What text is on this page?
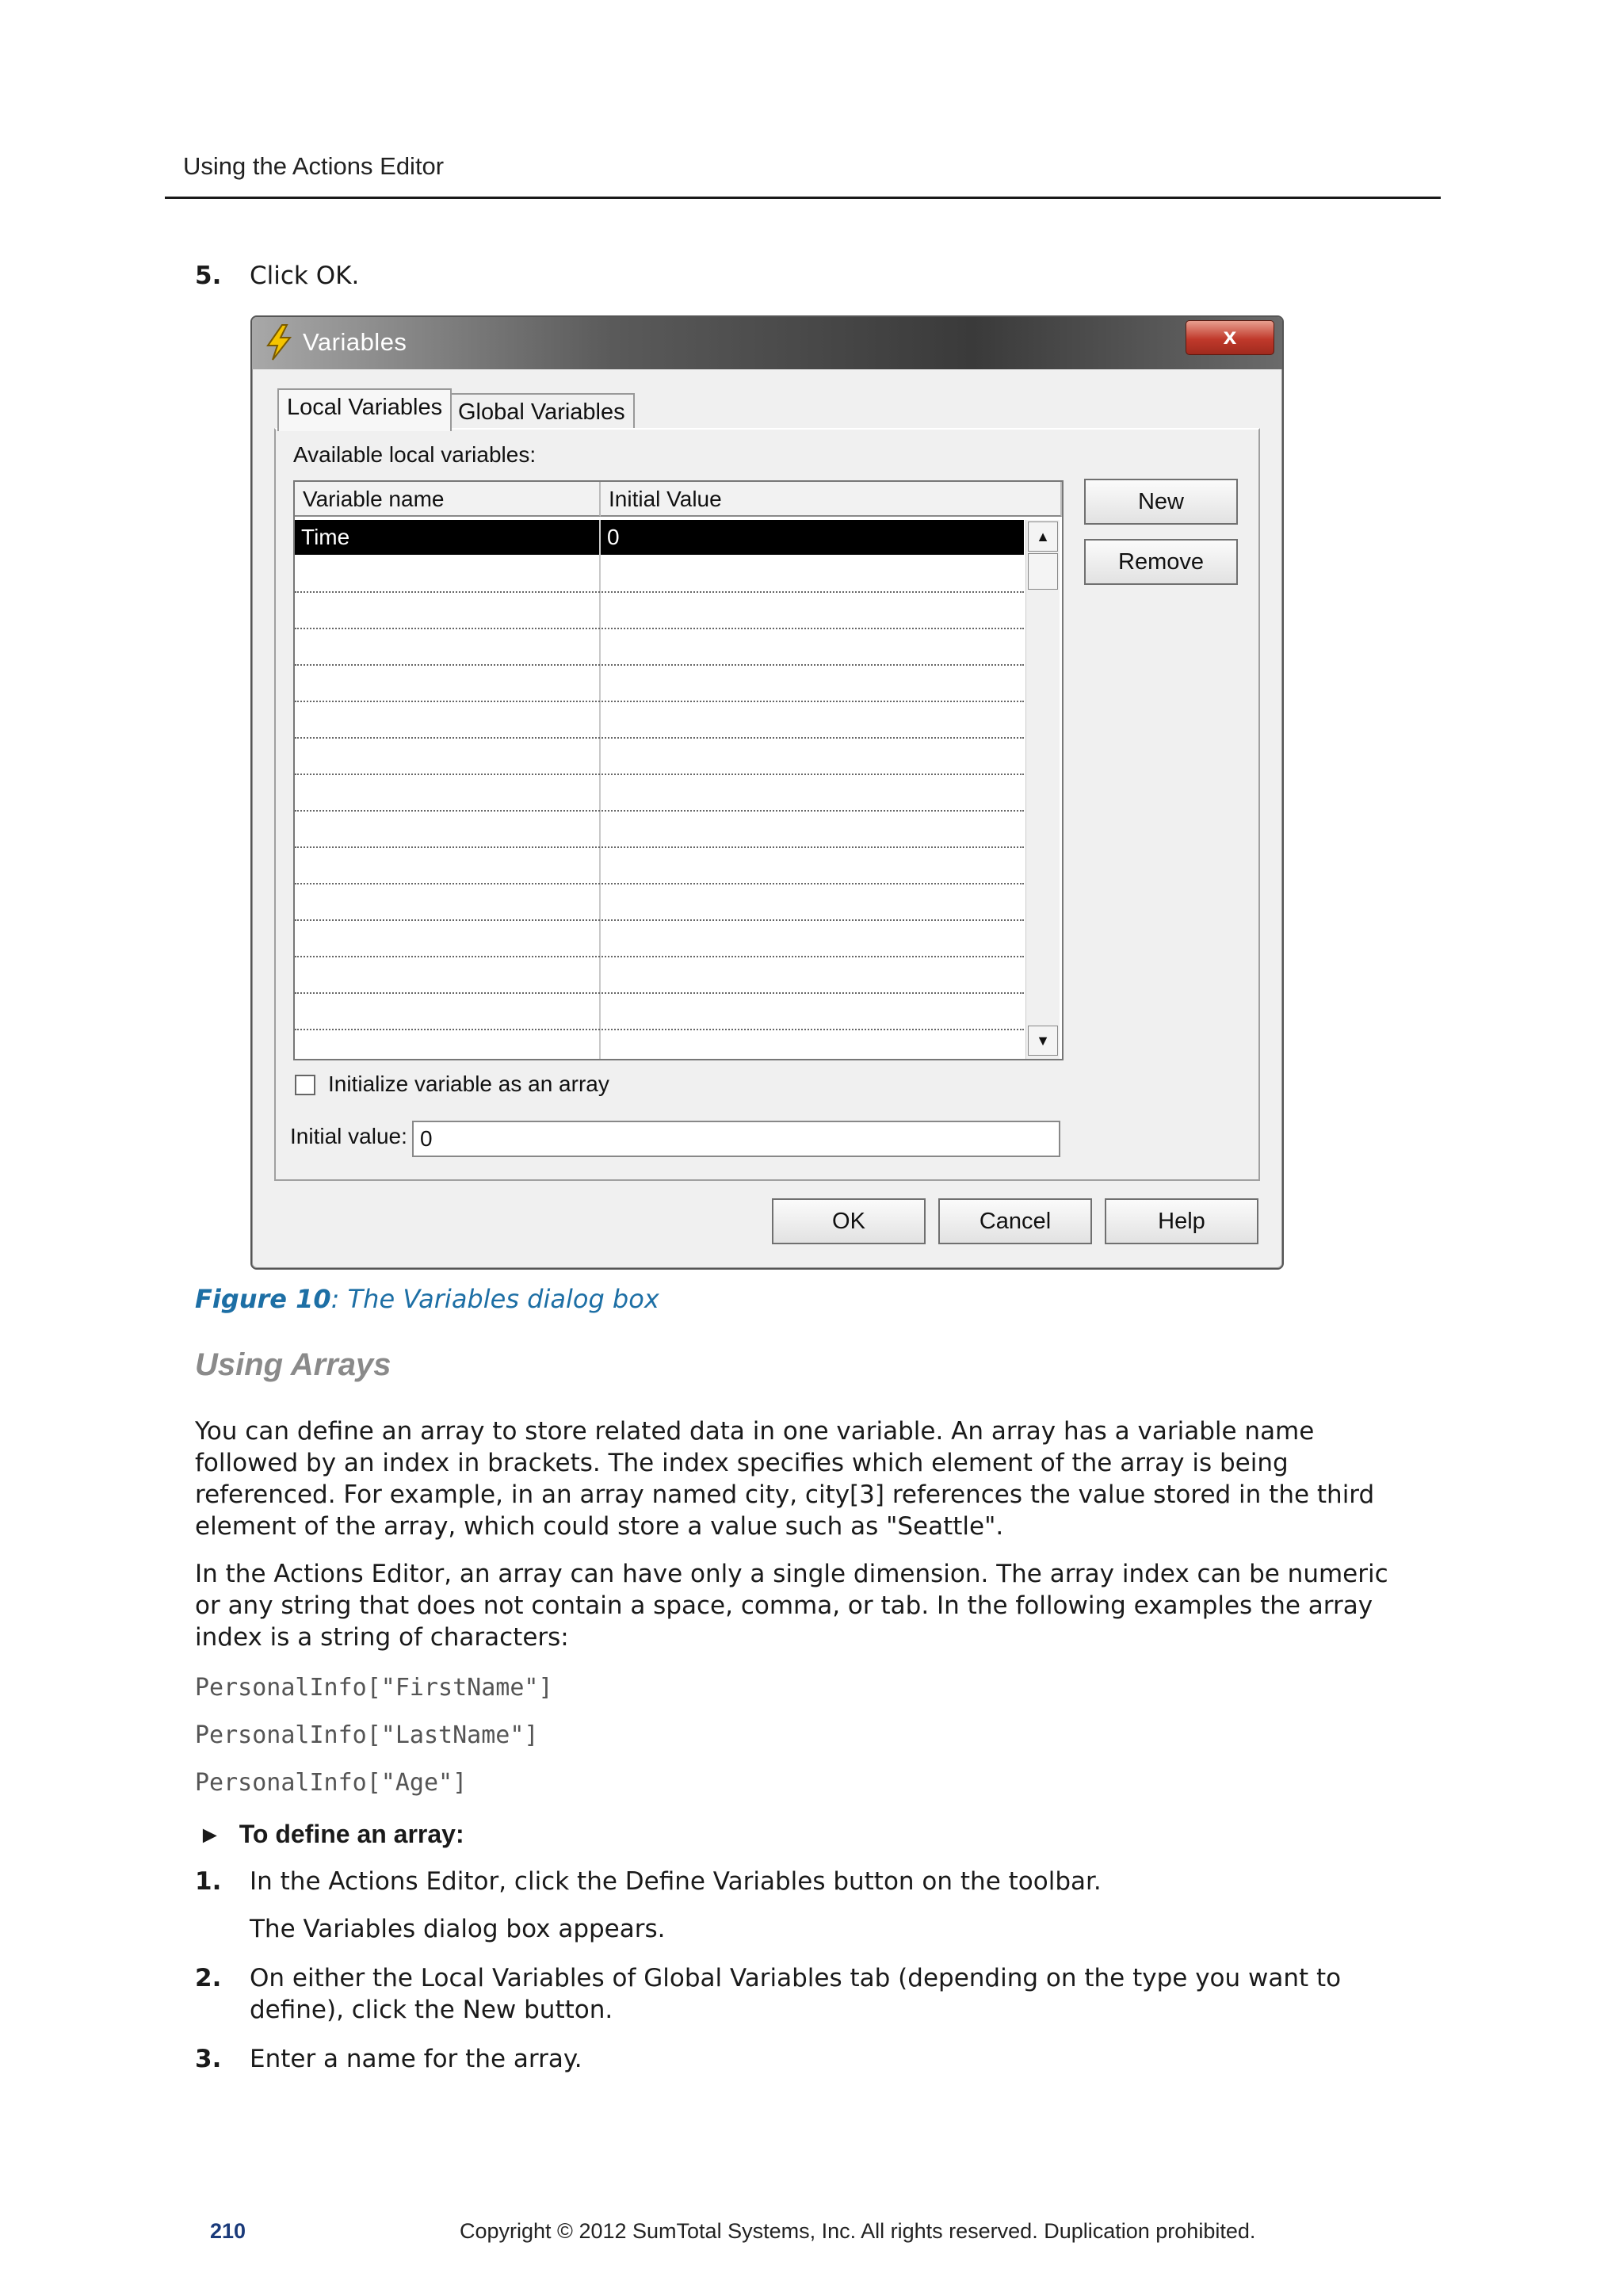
Using the Actions Editor
5. Click OK.
Variables	x
Local Variables Global Variables
Available local variables:
Variable name	Initial Value
Time	0	▲
▼
New
Remove
Initialize variable as an array
Initial value: 0
OK	Cancel	Help
Figure 10: The Variables dialog box
Using Arrays
You can define an array to store related data in one variable. An array has a variable name followed by an index in brackets. The index specifies which element of the array is being referenced. For example, in an array named city, city[3] references the value stored in the third element of the array, which could store a value such as "Seattle".
In the Actions Editor, an array can have only a single dimension. The array index can be numeric or any string that does not contain a space, comma, or tab. In the following examples the array index is a string of characters:
PersonalInfo["FirstName"]
PersonalInfo["LastName"]
PersonalInfo["Age"]
► To define an array:
1. In the Actions Editor, click the Define Variables button on the toolbar.
The Variables dialog box appears.
2. On either the Local Variables of Global Variables tab (depending on the type you want to define), click the New button.
3. Enter a name for the array.
210	Copyright © 2012 SumTotal Systems, Inc. All rights reserved. Duplication prohibited.
